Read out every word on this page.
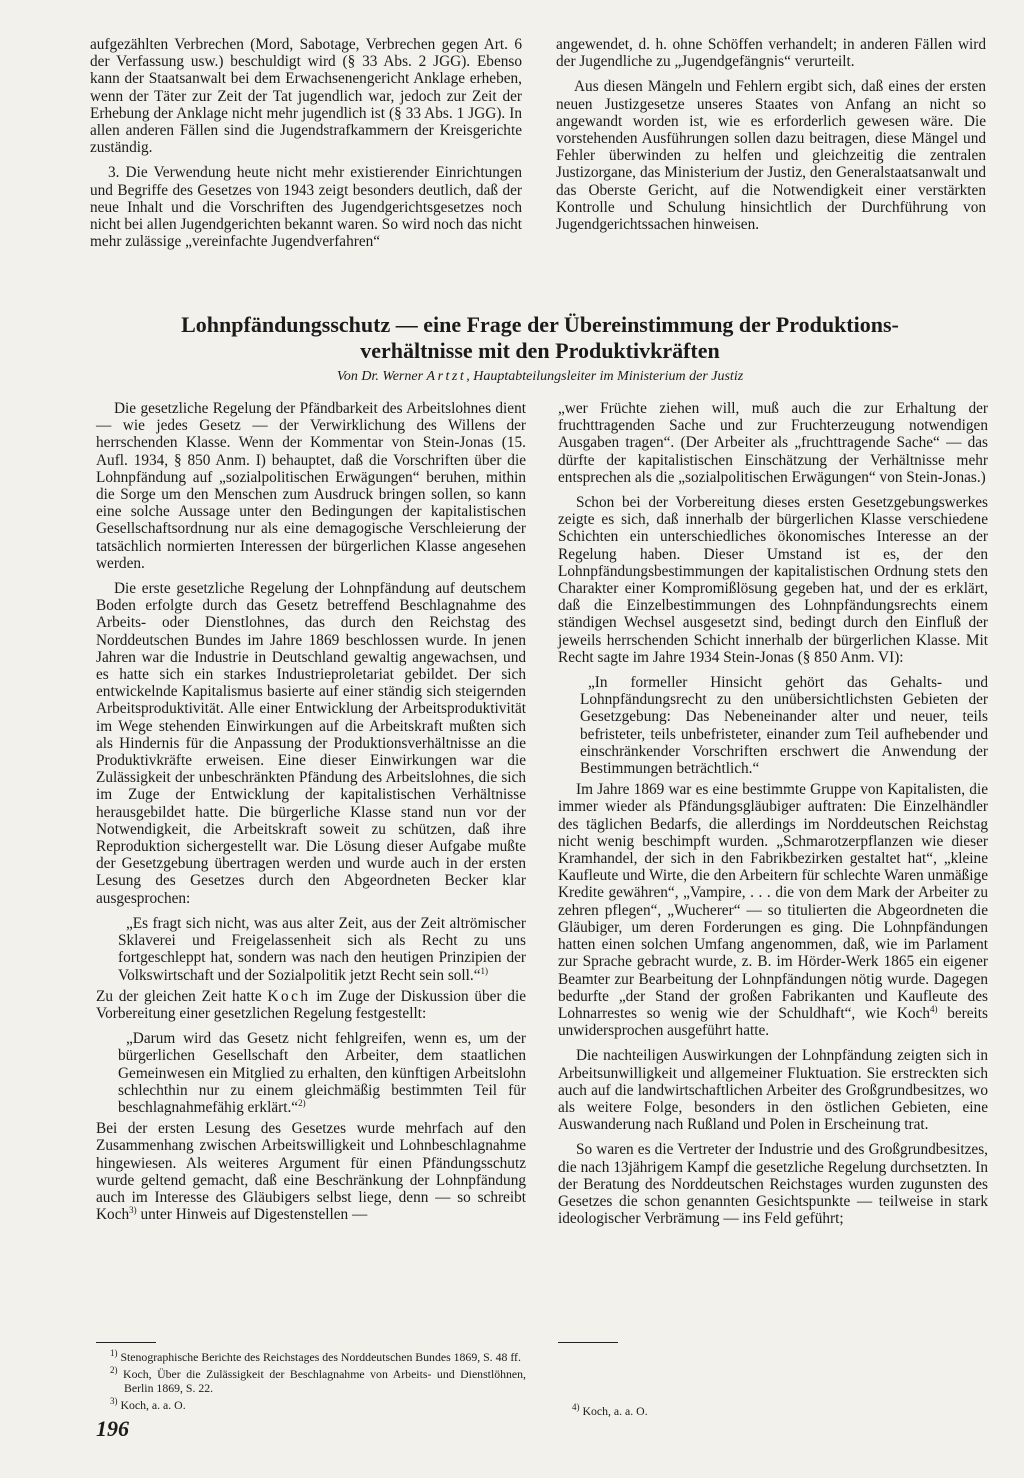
aufgezählten Verbrechen (Mord, Sabotage, Verbrechen gegen Art. 6 der Verfassung usw.) beschuldigt wird (§ 33 Abs. 2 JGG). Ebenso kann der Staatsanwalt bei dem Erwachsenengericht Anklage erheben, wenn der Täter zur Zeit der Tat jugendlich war, jedoch zur Zeit der Erhebung der Anklage nicht mehr jugendlich ist (§ 33 Abs. 1 JGG). In allen anderen Fällen sind die Jugendstrafkammern der Kreisgerichte zuständig.

3. Die Verwendung heute nicht mehr existierender Einrichtungen und Begriffe des Gesetzes von 1943 zeigt besonders deutlich, daß der neue Inhalt und die Vorschriften des Jugendgerichtsgesetzes noch nicht bei allen Jugendgerichten bekannt waren. So wird noch das nicht mehr zulässige „vereinfachte Jugendverfahren“

angewendet, d. h. ohne Schöffen verhandelt; in anderen Fällen wird der Jugendliche zu „Jugendgefängnis“ verurteilt.

Aus diesen Mängeln und Fehlern ergibt sich, daß eines der ersten neuen Justizgesetze unseres Staates von Anfang an nicht so angewandt worden ist, wie es erforderlich gewesen wäre. Die vorstehenden Ausführungen sollen dazu beitragen, diese Mängel und Fehler überwinden zu helfen und gleichzeitig die zentralen Justizorgane, das Ministerium der Justiz, den Generalstaatsanwalt und das Oberste Gericht, auf die Notwendigkeit einer verstärkten Kontrolle und Schulung hinsichtlich der Durchführung von Jugendgerichtssachen hinweisen.

Lohnpfändungsschutz — eine Frage der Übereinstimmung der Produktions-
verhältnisse mit den Produktivkräften
Von Dr. Werner Artzt, Hauptabteilungsleiter im Ministerium der Justiz

Die gesetzliche Regelung der Pfändbarkeit des Arbeitslohnes dient — wie jedes Gesetz — der Verwirklichung des Willens der herrschenden Klasse. Wenn der Kommentar von Stein-Jonas (15. Aufl. 1934, § 850 Anm. I) behauptet, daß die Vorschriften über die Lohnpfändung auf „sozialpolitischen Erwägungen“ beruhen, mithin die Sorge um den Menschen zum Ausdruck bringen sollen, so kann eine solche Aussage unter den Bedingungen der kapitalistischen Gesellschaftsordnung nur als eine demagogische Verschleierung der tatsächlich normierten Interessen der bürgerlichen Klasse angesehen werden.

Die erste gesetzliche Regelung der Lohnpfändung auf deutschem Boden erfolgte durch das Gesetz betreffend Beschlagnahme des Arbeits- oder Dienstlohnes, das durch den Reichstag des Norddeutschen Bundes im Jahre 1869 beschlossen wurde. In jenen Jahren war die Industrie in Deutschland gewaltig angewachsen, und es hatte sich ein starkes Industrieproletariat gebildet. Der sich entwickelnde Kapitalismus basierte auf einer ständig sich steigernden Arbeitsproduktivität. Alle einer Entwicklung der Arbeitsproduktivität im Wege stehenden Einwirkungen auf die Arbeitskraft mußten sich als Hindernis für die Anpassung der Produktionsverhältnisse an die Produktivkräfte erweisen. Eine dieser Einwirkungen war die Zulässigkeit der unbeschränkten Pfändung des Arbeitslohnes, die sich im Zuge der Entwicklung der kapitalistischen Verhältnisse herausgebildet hatte. Die bürgerliche Klasse stand nun vor der Notwendigkeit, die Arbeitskraft soweit zu schützen, daß ihre Reproduktion sichergestellt war. Die Lösung dieser Aufgabe mußte der Gesetzgebung übertragen werden und wurde auch in der ersten Lesung des Gesetzes durch den Abgeordneten Becker klar ausgesprochen:

„Es fragt sich nicht, was aus alter Zeit, aus der Zeit altrömischer Sklaverei und Freigelassenheit sich als Recht zu uns fortgeschleppt hat, sondern was nach den heutigen Prinzipien der Volkswirtschaft und der Sozialpolitik jetzt Recht sein soll.“$^{1)}$

Zu der gleichen Zeit hatte Koch im Zuge der Diskussion über die Vorbereitung einer gesetzlichen Regelung festgestellt:

„Darum wird das Gesetz nicht fehlgreifen, wenn es, um der bürgerlichen Gesellschaft den Arbeiter, dem staatlichen Gemeinwesen ein Mitglied zu erhalten, den künftigen Arbeitslohn schlechthin nur zu einem gleichmäßig bestimmten Teil für beschlagnahmefähig erklärt.“$^{2)}$

Bei der ersten Lesung des Gesetzes wurde mehrfach auf den Zusammenhang zwischen Arbeitswilligkeit und Lohnbeschlagnahme hingewiesen. Als weiteres Argument für einen Pfändungsschutz wurde geltend gemacht, daß eine Beschränkung der Lohnpfändung auch im Interesse des Gläubigers selbst liege, denn — so schreibt Koch$^{3)}$ unter Hinweis auf Digestenstellen —

„wer Früchte ziehen will, muß auch die zur Erhaltung der fruchttragenden Sache und zur Fruchterzeugung notwendigen Ausgaben tragen“. (Der Arbeiter als „fruchttragende Sache“ — das dürfte der kapitalistischen Einschätzung der Verhältnisse mehr entsprechen als die „sozialpolitischen Erwägungen“ von Stein-Jonas.)

Schon bei der Vorbereitung dieses ersten Gesetzgebungswerkes zeigte es sich, daß innerhalb der bürgerlichen Klasse verschiedene Schichten ein unterschiedliches ökonomisches Interesse an der Regelung haben. Dieser Umstand ist es, der den Lohnpfändungsbestimmungen der kapitalistischen Ordnung stets den Charakter einer Kompromißlösung gegeben hat, und der es erklärt, daß die Einzelbestimmungen des Lohnpfändungsrechts einem ständigen Wechsel ausgesetzt sind, bedingt durch den Einfluß der jeweils herrschenden Schicht innerhalb der bürgerlichen Klasse. Mit Recht sagte im Jahre 1934 Stein-Jonas (§ 850 Anm. VI):

„In formeller Hinsicht gehört das Gehalts- und Lohnpfändungsrecht zu den unübersichtlichsten Gebieten der Gesetzgebung: Das Nebeneinander alter und neuer, teils befristeter, teils unbefristeter, einander zum Teil aufhebender und einschränkender Vorschriften erschwert die Anwendung der Bestimmungen beträchtlich.“

Im Jahre 1869 war es eine bestimmte Gruppe von Kapitalisten, die immer wieder als Pfändungsgläubiger auftraten: Die Einzelhändler des täglichen Bedarfs, die allerdings im Norddeutschen Reichstag nicht wenig beschimpft wurden. „Schmarotzerpflanzen wie dieser Kramhandel, der sich in den Fabrikbezirken gestaltet hat“, „kleine Kaufleute und Wirte, die den Arbeitern für schlechte Waren unmäßige Kredite gewähren“, „Vampire, . . . die von dem Mark der Arbeiter zu zehren pflegen“, „Wucherer“ — so titulierten die Abgeordneten die Gläubiger, um deren Forderungen es ging. Die Lohnpfändungen hatten einen solchen Umfang angenommen, daß, wie im Parlament zur Sprache gebracht wurde, z. B. im Hörder-Werk 1865 ein eigener Beamter zur Bearbeitung der Lohnpfändungen nötig wurde. Dagegen bedurfte „der Stand der großen Fabrikanten und Kaufleute des Lohnarrestes so wenig wie der Schuldhaft“, wie Koch$^{4)}$ bereits unwidersprochen ausgeführt hatte.

Die nachteiligen Auswirkungen der Lohnpfändung zeigten sich in Arbeitsunwilligkeit und allgemeiner Fluktuation. Sie erstreckten sich auch auf die landwirtschaftlichen Arbeiter des Großgrundbesitzes, wo als weitere Folge, besonders in den östlichen Gebieten, eine Auswanderung nach Rußland und Polen in Erscheinung trat.

So waren es die Vertreter der Industrie und des Großgrundbesitzes, die nach 13jährigem Kampf die gesetzliche Regelung durchsetzten. In der Beratung des Norddeutschen Reichstages wurden zugunsten des Gesetzes die schon genannten Gesichtspunkte — teilweise in stark ideologischer Verbrämung — ins Feld geführt;

$^{1)}$ Stenographische Berichte des Reichstages des Norddeutschen Bundes 1869, S. 48 ff.

$^{2)}$ Koch, Über die Zulässigkeit der Beschlagnahme von Arbeits- und Dienstlöhnen, Berlin 1869, S. 22.

$^{3)}$ Koch, a. a. O.	$^{4)}$ Koch, a. a. O.

196
